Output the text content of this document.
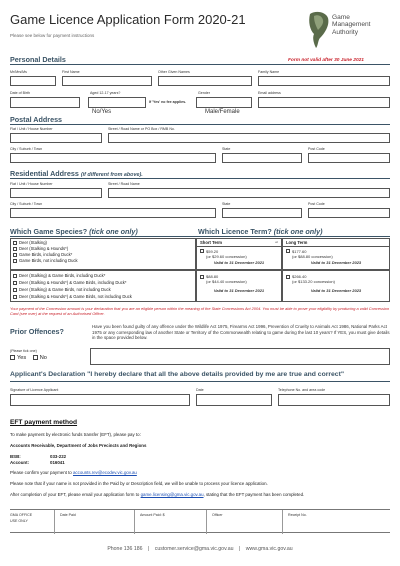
Game Licence Application Form 2020-21
Please see below for payment instructions
Game
Management
Authority
Personal Details	Form not valid after 30 June 2021
Mr/Mrs/Ms	First Name	Other Given Names	Family Name
Date of Birth	Aged 12-17 years?	Gender	Email address
No/Yes
If 'Yes' no fee applies.
Male/Female
Postal Address
Flat / Unit / House Number	Street / Road Name or PO Box / RMB No.
City / Suburb / Town	State	Post Code
Residential Address (if different from above).
Flat / Unit / House Number	Street / Road Name
City / Suburb / Town	State	Post Code
Which Game Species? (tick one only)	Which Licence Term? (tick one only)
Deer (Stalking)
Deer (Stalking & Hounds*)
Game Birds, including Duck*
Game Birds, not including Duck
Short Term	or
$59.20
(or $29.60 concession)
Valid to 31 December 2021
Long Term
$177.60
(or $88.80 concession)
Valid to 31 December 2023
Deer (Stalking) & Game Birds, including Duck*
Deer (Stalking & Hounds*) & Game Birds, including Duck*
Deer (Stalking) & Game Birds, not including Duck
Deer (Stalking & Hounds*) & Game Birds, not including Duck
$88.80
(or $44.40 concession)
Valid to 31 December 2021
$266.40
(or $133.20 concession)
Valid to 31 December 2023
Your payment of the Concession amount is your declaration that you are an eligible person within the meaning of the State Concessions Act 2004. You must be able to prove your eligibility by producing a valid Concession Card (see over) at the request of an Authorised Officer.
Prior Offences?
Have you been found guilty of any offence under the Wildlife Act 1975, Firearms Act 1996, Prevention of Cruelty to Animals Act 1986, National Parks Act 1975 or any corresponding law of another State or Territory of the Commonwealth relating to game during the last 10 years? If YES, you must give details in the space provided below.
(Please tick one)
Yes No
Applicant's Declaration "I hereby declare that all the above details provided by me are true and correct"
Signature of Licence Applicant	Date	Telephone No. and area code
EFT payment method
To make payment by electronic funds transfer (EFT), please pay to:
Accounts Receivable, Department of Jobs Precincts and Regions
BSB:	033-222
Account:	016041
Please confirm your payment to accounts.rev@ecodev.vic.gov.au
Please note that if your name is not provided in the Paid by or Description field, we will be unable to process your licence application.
After completion of your EFT, please email your application form to game.licensing@gma.vic.gov.au, stating that the EFT payment has been completed.
GMA OFFICE
USE ONLY
Date Paid	Amount Paid: $	Officer	Receipt No.
Phone 136 186 | customer.service@gma.vic.gov.au | www.gma.vic.gov.au
